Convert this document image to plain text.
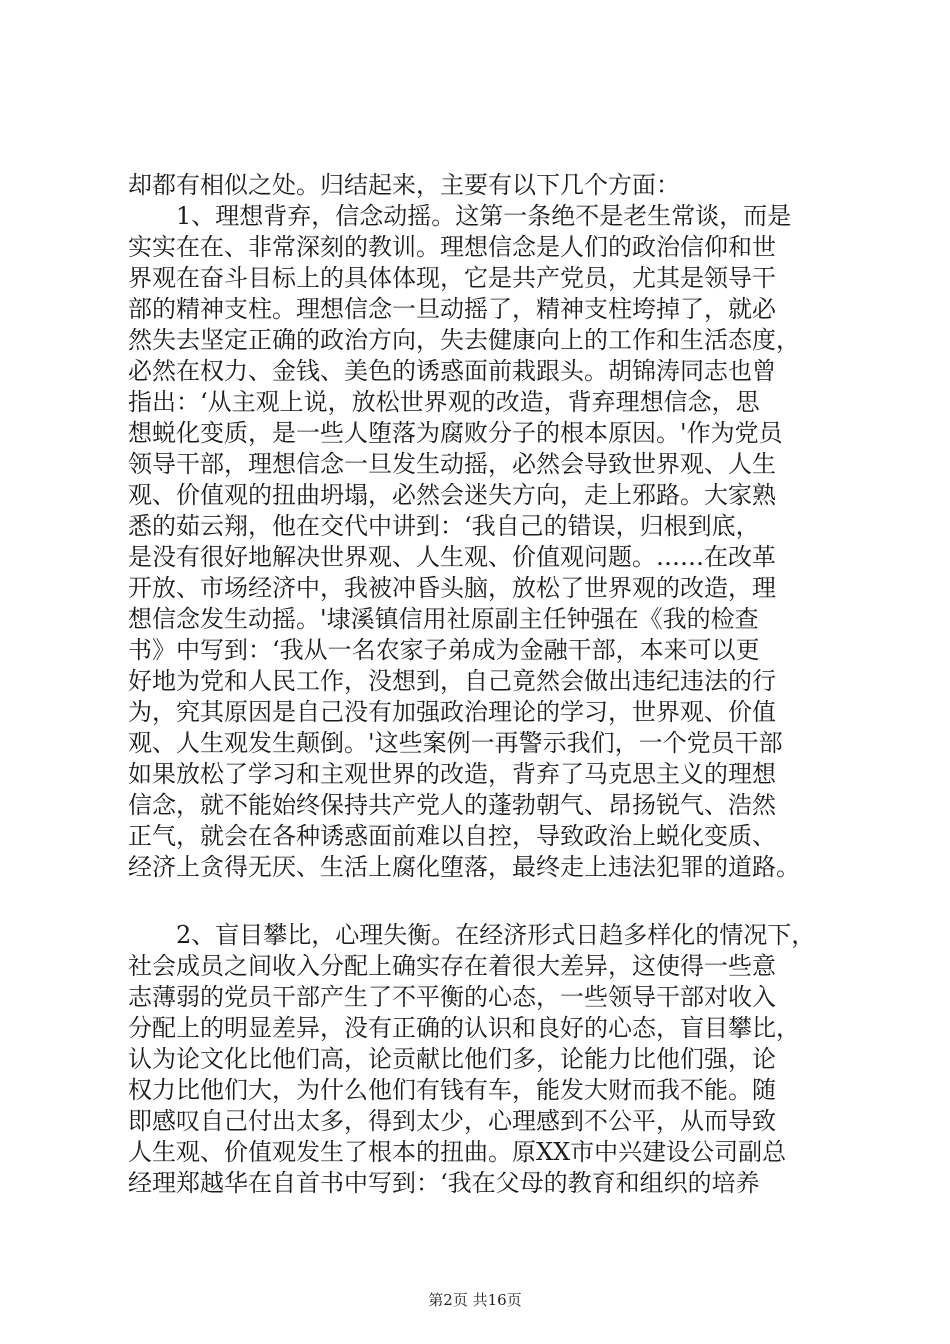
却都有相似之处。归结起来，主要有以下几个方面：
　　1、理想背弃，信念动摇。这第一条绝不是老生常谈，而是
实实在在、非常深刻的教训。理想信念是人们的政治信仰和世
界观在奋斗目标上的具体体现，它是共产党员，尤其是领导干
部的精神支柱。理想信念一旦动摇了，精神支柱垮掉了，就必
然失去坚定正确的政治方向，失去健康向上的工作和生活态度，
必然在权力、金钱、美色的诱惑面前栽跟头。胡锦涛同志也曾
指出：‘从主观上说，放松世界观的改造，背弃理想信念，思
想蜕化变质，是一些人堕落为腐败分子的根本原因。'作为党员
领导干部，理想信念一旦发生动摇，必然会导致世界观、人生
观、价值观的扭曲坍塌，必然会迷失方向，走上邪路。大家熟
悉的茹云翔，他在交代中讲到：‘我自己的错误，归根到底，
是没有很好地解决世界观、人生观、价值观问题。……在改革
开放、市场经济中，我被冲昏头脑，放松了世界观的改造，理
想信念发生动摇。'埭溪镇信用社原副主任钟强在《我的检查
书》中写到：‘我从一名农家子弟成为金融干部，本来可以更
好地为党和人民工作，没想到，自己竟然会做出违纪违法的行
为，究其原因是自己没有加强政治理论的学习，世界观、价值
观、人生观发生颠倒。'这些案例一再警示我们，一个党员干部
如果放松了学习和主观世界的改造，背弃了马克思主义的理想
信念，就不能始终保持共产党人的蓬勃朝气、昂扬锐气、浩然
正气，就会在各种诱惑面前难以自控，导致政治上蜕化变质、
经济上贪得无厌、生活上腐化堕落，最终走上违法犯罪的道路。
　　2、盲目攀比，心理失衡。在经济形式日趋多样化的情况下，
社会成员之间收入分配上确实存在着很大差异，这使得一些意
志薄弱的党员干部产生了不平衡的心态，一些领导干部对收入
分配上的明显差异，没有正确的认识和良好的心态，盲目攀比，
认为论文化比他们高，论贡献比他们多，论能力比他们强，论
权力比他们大，为什么他们有钱有车，能发大财而我不能。随
即感叹自己付出太多，得到太少，心理感到不公平，从而导致
人生观、价值观发生了根本的扭曲。原XX市中兴建设公司副总
经理郑越华在自首书中写到：‘我在父母的教育和组织的培养
第2页 共16页
